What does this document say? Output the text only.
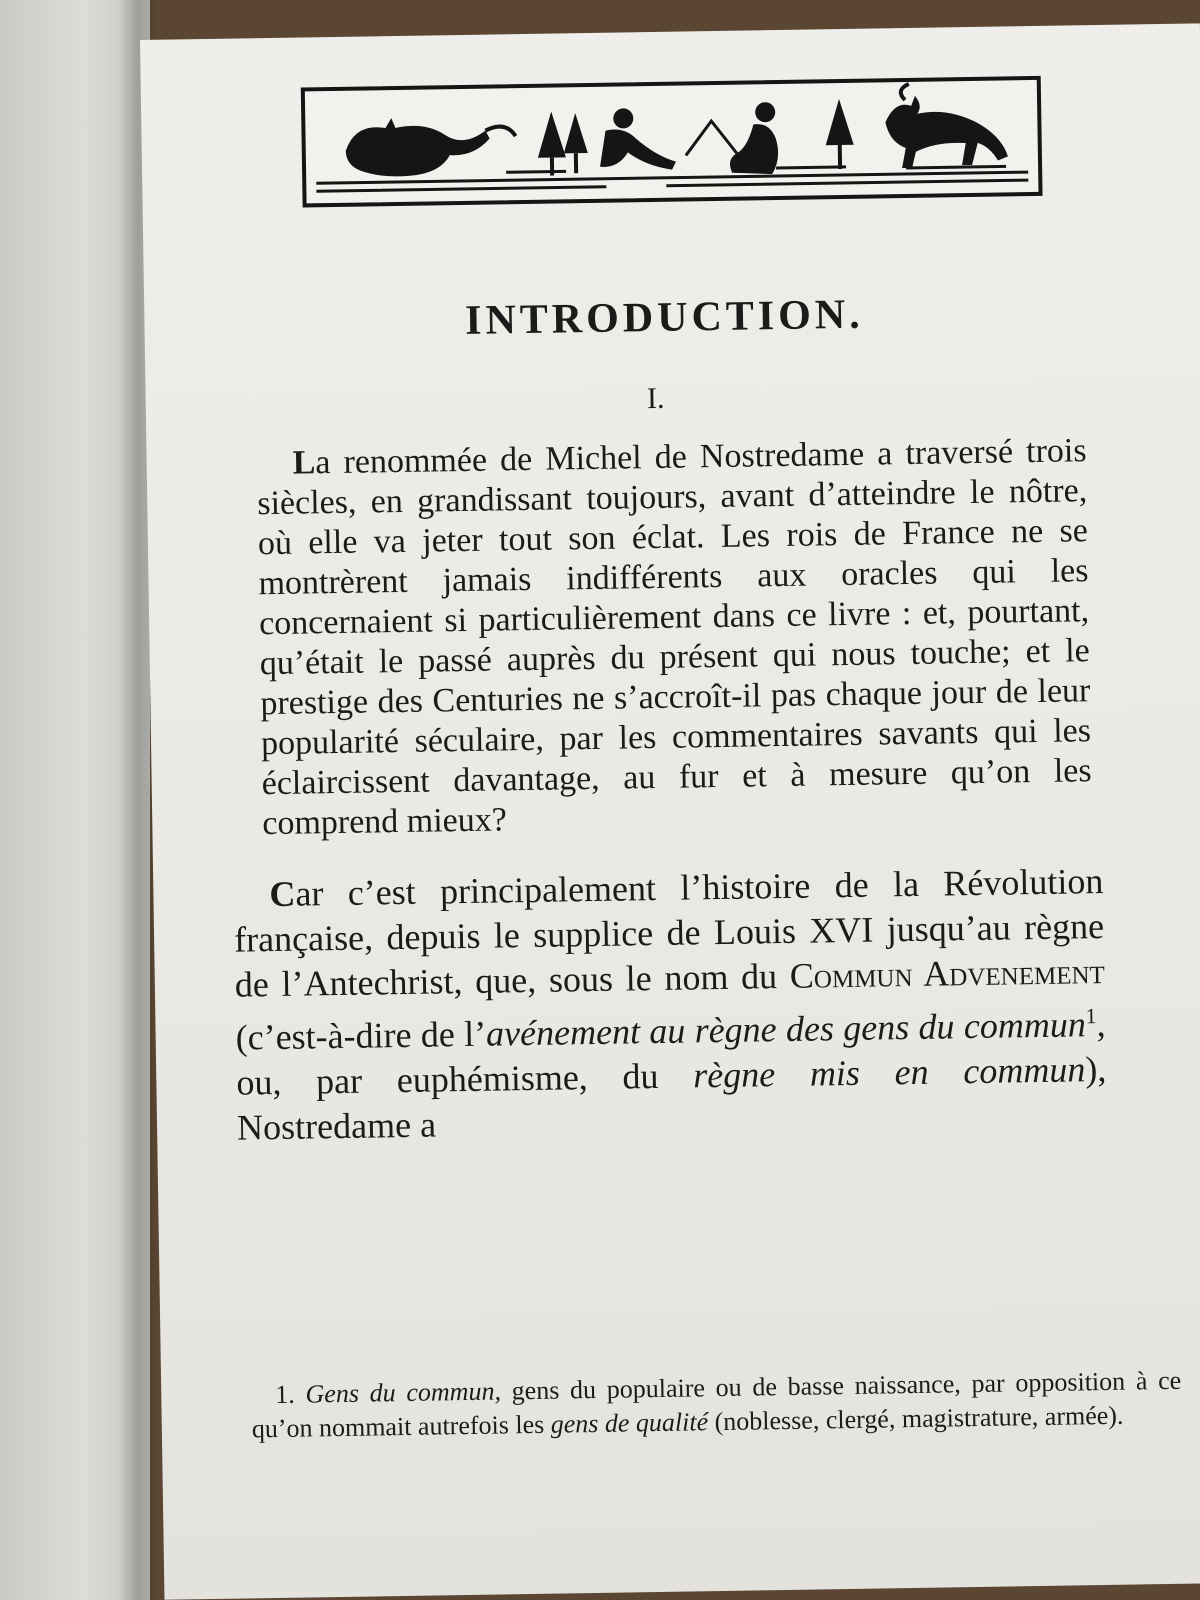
INTRODUCTION.
I.

La renommée de Michel de Nostredame a traversé trois siècles, en grandissant toujours, avant d’atteindre le nôtre, où elle va jeter tout son éclat. Les rois de France ne se montrèrent jamais indifférents aux oracles qui les concernaient si particulièrement dans ce livre : et, pourtant, qu’était le passé auprès du présent qui nous touche; et le prestige des Centuries ne s’accroît-il pas chaque jour de leur popularité séculaire, par les commentaires savants qui les éclaircissent davantage, au fur et à mesure qu’on les comprend mieux?

Car c’est principalement l’histoire de la Révolution française, depuis le supplice de Louis XVI jusqu’au règne de l’Antechrist, que, sous le nom du Commun Advenement (c’est-à-dire de l’avénement au règne des gens du commun$^1$, ou, par euphémisme, du règne mis en commun), Nostredame a

1. Gens du commun, gens du populaire ou de basse naissance, par opposition à ce qu’on nommait autrefois les gens de qualité (noblesse, clergé, magistrature, armée).
